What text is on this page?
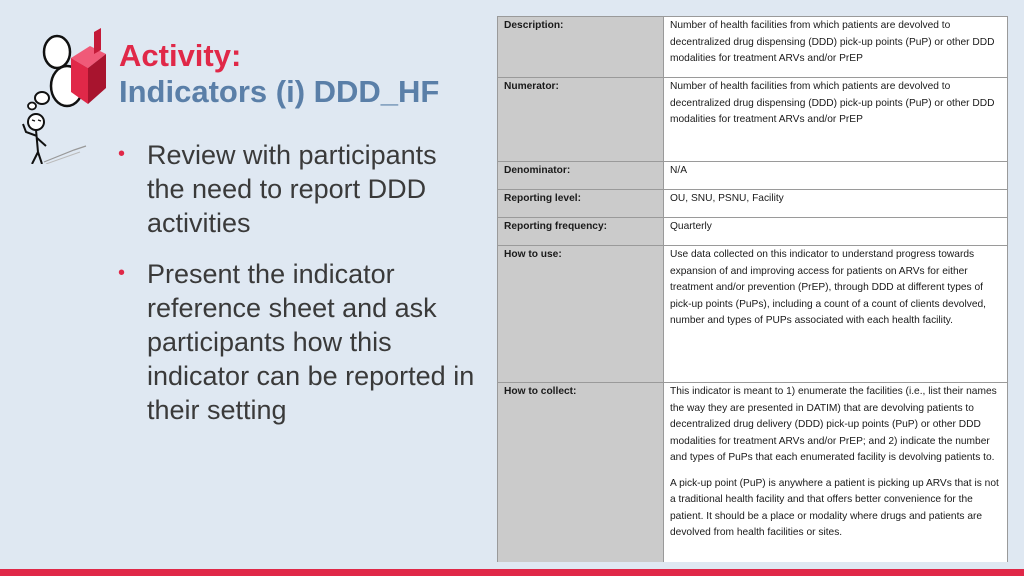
Activity:
Indicators (i) DDD_HF
• Review with participants the need to report DDD activities
• Present the indicator reference sheet and ask participants how this indicator can be reported in their setting
Description:	Number of health facilities from which patients are devolved to decentralized drug dispensing (DDD) pick-up points (PuP) or other DDD modalities for treatment ARVs and/or PrEP

Numerator:	Number of health facilities from which patients are devolved to decentralized drug dispensing (DDD) pick-up points (PuP) or other DDD modalities for treatment ARVs and/or PrEP

Denominator:	N/A

Reporting level:	OU, SNU, PSNU, Facility

Reporting frequency:	Quarterly

How to use:	Use data collected on this indicator to understand progress towards expansion of and improving access for patients on ARVs for either treatment and/or prevention (PrEP), through DDD at different types of pick-up points (PuPs), including a count of a count of clients devolved, number and types of PUPs associated with each health facility.

How to collect:	This indicator is meant to 1) enumerate the facilities (i.e., list their names the way they are presented in DATIM) that are devolving patients to decentralized drug delivery (DDD) pick-up points (PuP) or other DDD modalities for treatment ARVs and/or PrEP; and 2) indicate the number and types of PuPs that each enumerated facility is devolving patients to.

A pick-up point (PuP) is anywhere a patient is picking up ARVs that is not a traditional health facility and that offers better convenience for the patient. It should be a place or modality where drugs and patients are devolved from health facilities or sites.
